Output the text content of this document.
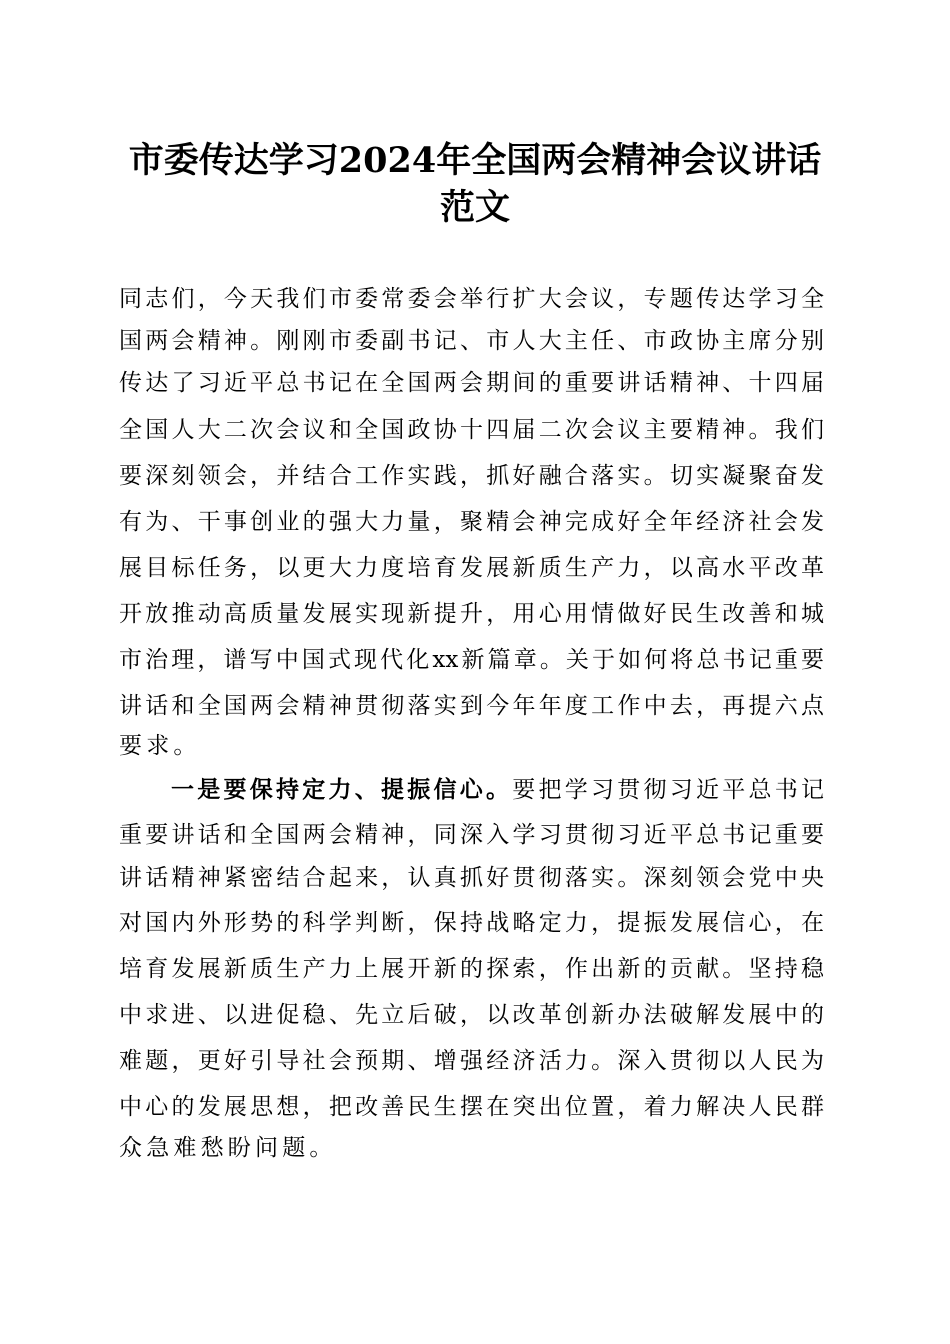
市委传达学习2024年全国两会精神会议讲话
范文
同志们，今天我们市委常委会举行扩大会议，专题传达学习全
国两会精神。刚刚市委副书记、市人大主任、市政协主席分别
传达了习近平总书记在全国两会期间的重要讲话精神、十四届
全国人大二次会议和全国政协十四届二次会议主要精神。我们
要深刻领会，并结合工作实践，抓好融合落实。切实凝聚奋发
有为、干事创业的强大力量，聚精会神完成好全年经济社会发
展目标任务，以更大力度培育发展新质生产力，以高水平改革
开放推动高质量发展实现新提升，用心用情做好民生改善和城
市治理，谱写中国式现代化xx新篇章。关于如何将总书记重要
讲话和全国两会精神贯彻落实到今年年度工作中去，再提六点
要求。
一是要保持定力、提振信心。要把学习贯彻习近平总书记
重要讲话和全国两会精神，同深入学习贯彻习近平总书记重要
讲话精神紧密结合起来，认真抓好贯彻落实。深刻领会党中央
对国内外形势的科学判断，保持战略定力，提振发展信心，在
培育发展新质生产力上展开新的探索，作出新的贡献。坚持稳
中求进、以进促稳、先立后破，以改革创新办法破解发展中的
难题，更好引导社会预期、增强经济活力。深入贯彻以人民为
中心的发展思想，把改善民生摆在突出位置，着力解决人民群
众急难愁盼问题。
